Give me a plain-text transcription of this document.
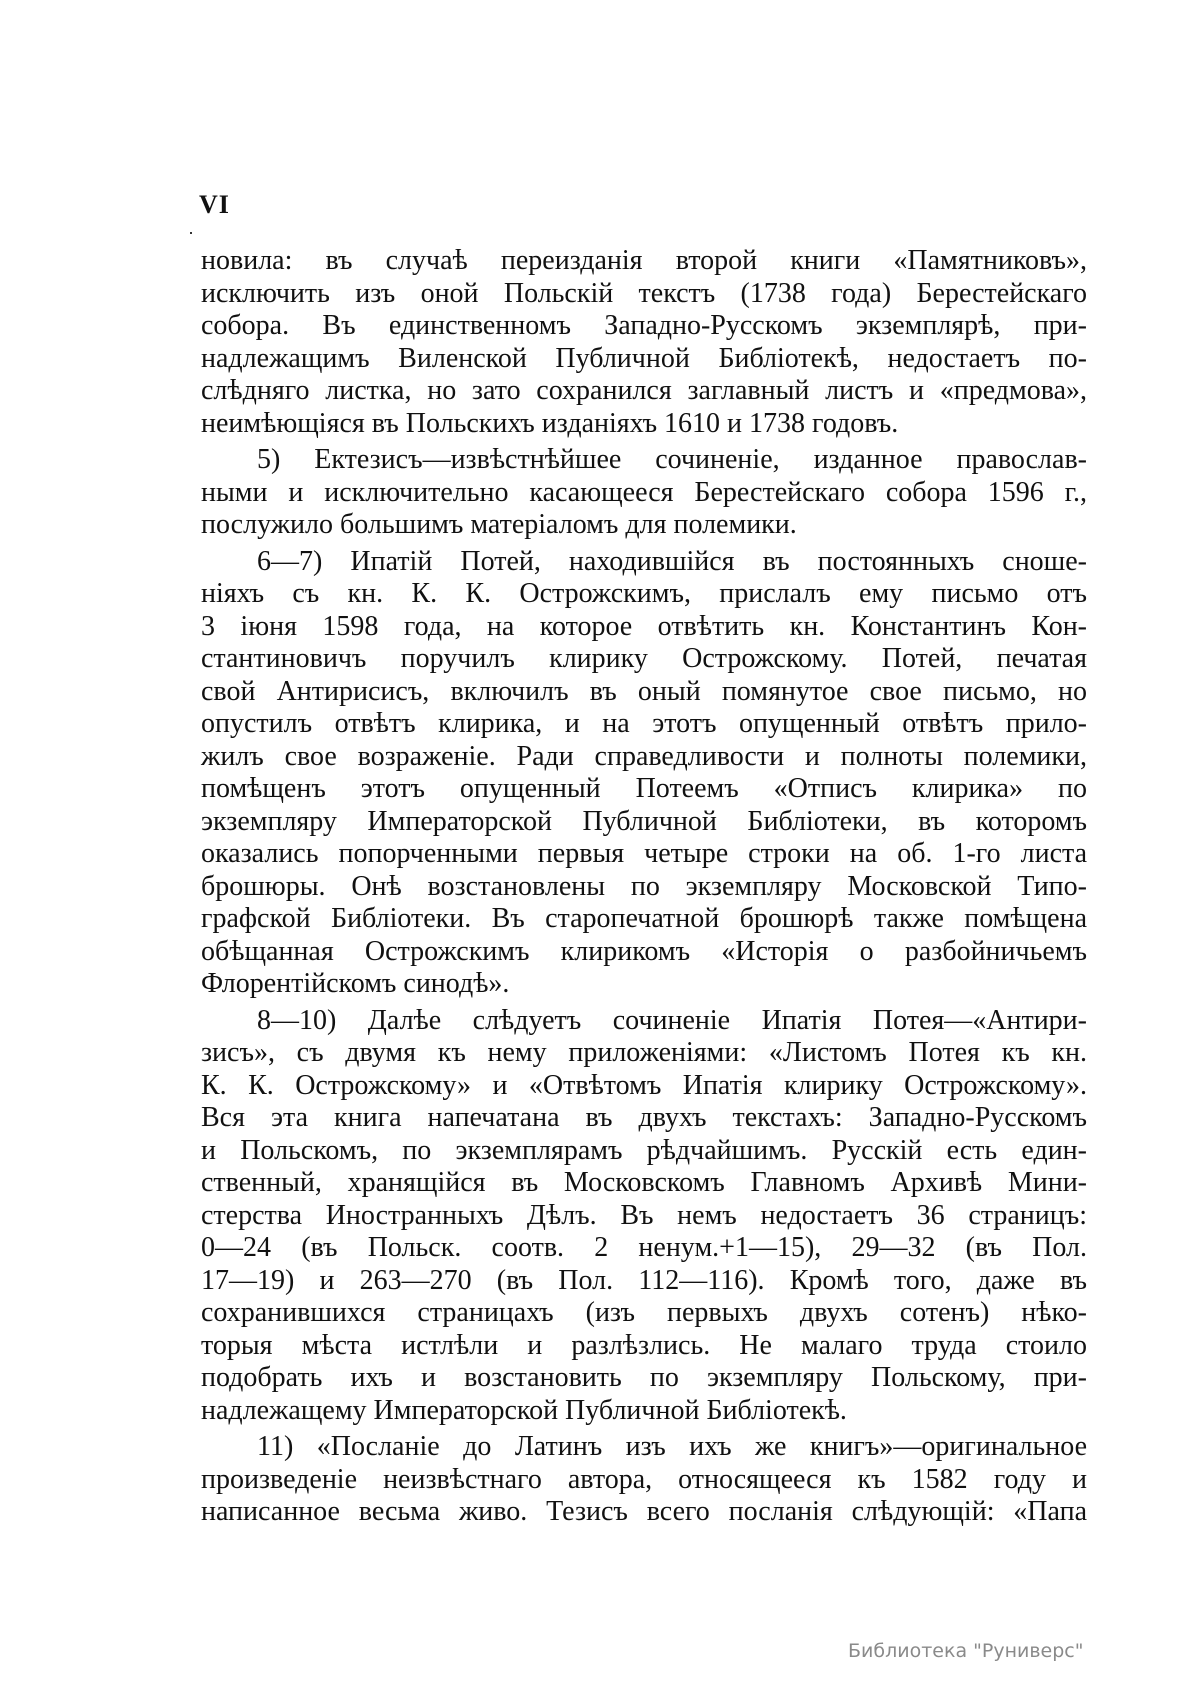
VI
новила: въ случаѣ переизданія второй книги «Памятниковъ»,
исключить изъ оной Польскій текстъ (1738 года) Берестейскаго
собора. Въ единственномъ Западно-Русскомъ экземплярѣ, при-
надлежащимъ Виленской Публичной Библіотекѣ, недостаетъ по-
слѣдняго листка, но зато сохранился заглавный листъ и «предмова»,
неимѣющіяся въ Польскихъ изданіяхъ 1610 и 1738 годовъ.
5) Ектезисъ—извѣстнѣйшее сочиненіе, изданное православ-
ными и исключительно касающееся Берестейскаго собора 1596 г.,
послужило большимъ матеріаломъ для полемики.
6—7) Ипатій Потей, находившійся въ постоянныхъ сноше-
ніяхъ съ кн. К. К. Острожскимъ, прислалъ ему письмо отъ
3 іюня 1598 года, на которое отвѣтить кн. Константинъ Кон-
стантиновичъ поручилъ клирику Острожскому. Потей, печатая
свой Антирисисъ, включилъ въ оный помянутое свое письмо, но
опустилъ отвѣтъ клирика, и на этотъ опущенный отвѣтъ прило-
жилъ свое возраженіе. Ради справедливости и полноты полемики,
помѣщенъ этотъ опущенный Потеемъ «Отписъ клирика» по
экземпляру Императорской Публичной Библіотеки, въ которомъ
оказались попорченными первыя четыре строки на об. 1-го листа
брошюры. Онѣ возстановлены по экземпляру Московской Типо-
графской Библіотеки. Въ старопечатной брошюрѣ также помѣщена
обѣщанная Острожскимъ клирикомъ «Исторія о разбойничьемъ
Флорентійскомъ синодѣ».
8—10) Далѣе слѣдуетъ сочиненіе Ипатія Потея—«Антири-
зисъ», съ двумя къ нему приложеніями: «Листомъ Потея къ кн.
К. К. Острожскому» и «Отвѣтомъ Ипатія клирику Острожскому».
Вся эта книга напечатана въ двухъ текстахъ: Западно-Русскомъ
и Польскомъ, по экземплярамъ рѣдчайшимъ. Русскій есть един-
ственный, хранящійся въ Московскомъ Главномъ Архивѣ Мини-
стерства Иностранныхъ Дѣлъ. Въ немъ недостаетъ 36 страницъ:
0—24 (въ Польск. соотв. 2 ненум.+1—15), 29—32 (въ Пол.
17—19) и 263—270 (въ Пол. 112—116). Кромѣ того, даже въ
сохранившихся страницахъ (изъ первыхъ двухъ сотенъ) нѣко-
торыя мѣста истлѣли и разлѣзлись. Не малаго труда стоило
подобрать ихъ и возстановить по экземпляру Польскому, при-
надлежащему Императорской Публичной Библіотекѣ.
11) «Посланіе до Латинъ изъ ихъ же книгъ»—оригинальное
произведеніе неизвѣстнаго автора, относящееся къ 1582 году и
написанное весьма живо. Тезисъ всего посланія слѣдующій: «Папа
Библиотека "Руниверс"
